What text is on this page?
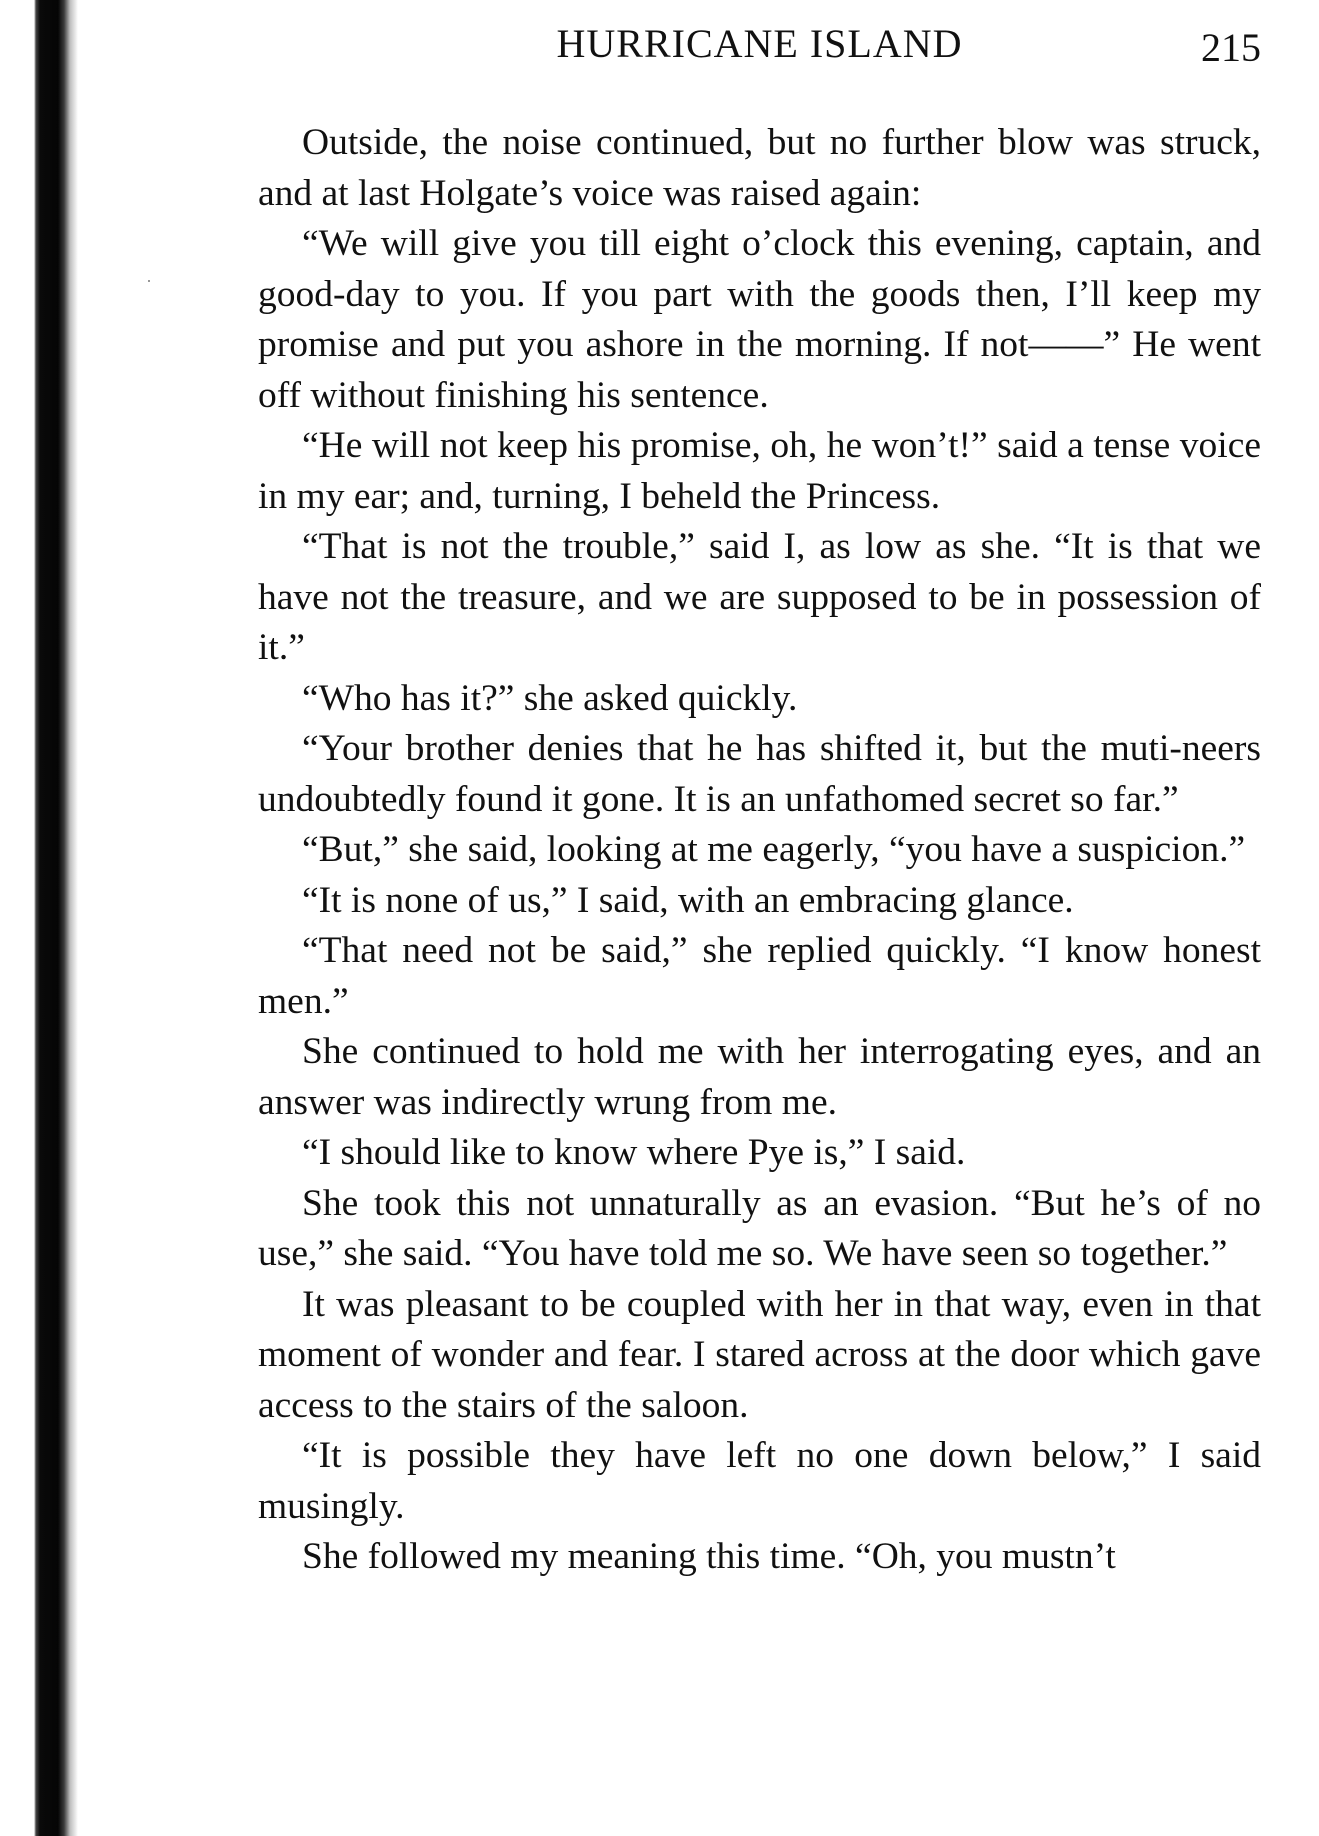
HURRICANE ISLAND	215

Outside, the noise continued, but no further blow was struck, and at last Holgate’s voice was raised again:

“We will give you till eight o’clock this evening, captain, and good-day to you. If you part with the goods then, I’ll keep my promise and put you ashore in the morning. If not——” He went off without finishing his sentence.

“He will not keep his promise, oh, he won’t!” said a tense voice in my ear; and, turning, I beheld the Princess.

“That is not the trouble,” said I, as low as she. “It is that we have not the treasure, and we are supposed to be in possession of it.”

“Who has it?” she asked quickly.

“Your brother denies that he has shifted it, but the muti-neers undoubtedly found it gone. It is an unfathomed secret so far.”

“But,” she said, looking at me eagerly, “you have a suspicion.”

“It is none of us,” I said, with an embracing glance.

“That need not be said,” she replied quickly. “I know honest men.”

She continued to hold me with her interrogating eyes, and an answer was indirectly wrung from me.

“I should like to know where Pye is,” I said.

She took this not unnaturally as an evasion. “But he’s of no use,” she said. “You have told me so. We have seen so together.”

It was pleasant to be coupled with her in that way, even in that moment of wonder and fear. I stared across at the door which gave access to the stairs of the saloon.

“It is possible they have left no one down below,” I said musingly.

She followed my meaning this time. “Oh, you mustn’t
